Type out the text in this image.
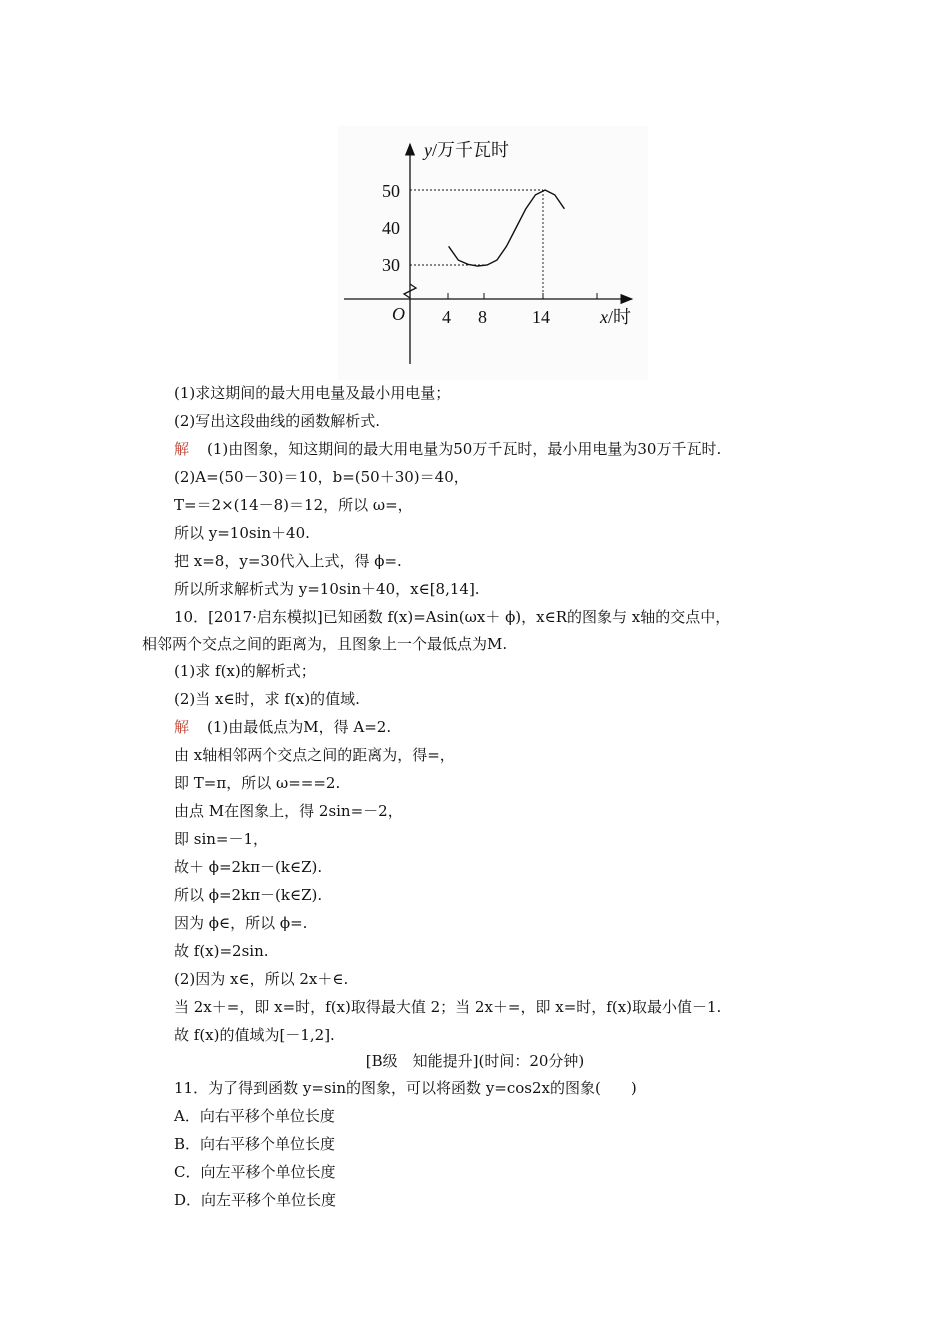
y/万千瓦时
50
40
30
O 4 8	14	x/时
(1)求这期间的最大用电量及最小用电量；
(2)写出这段曲线的函数解析式.
解 (1)由图象，知这期间的最大用电量为50万千瓦时，最小用电量为30万千瓦时.
(2)A=(50－30)＝10，b=(50＋30)＝40，
T=＝2×(14－8)＝12，所以 ω=，
所以 y=10sin＋40.
把 x=8，y=30代入上式，得 ϕ=.
所以所求解析式为 y=10sin＋40，x∈[8,14].
10．[2017·启东模拟]已知函数 f(x)=Asin(ωx＋ ϕ)，x∈R的图象与 x轴的交点中，
相邻两个交点之间的距离为，且图象上一个最低点为M.
(1)求 f(x)的解析式；
(2)当 x∈时，求 f(x)的值域.
解 (1)由最低点为M，得 A=2.
由 x轴相邻两个交点之间的距离为，得=，
即 T=π，所以 ω===2.
由点 M在图象上，得 2sin=－2，
即 sin=－1，
故＋ ϕ=2kπ－(k∈Z).
所以 ϕ=2kπ－(k∈Z).
因为 ϕ∈，所以 ϕ=.
故 f(x)=2sin.
(2)因为 x∈，所以 2x＋∈.
当 2x＋=，即 x=时，f(x)取得最大值 2；当 2x＋=，即 x=时，f(x)取最小值－1.
故 f(x)的值域为[－1,2].
[B级　知能提升](时间：20分钟)
11．为了得到函数 y=sin的图象，可以将函数 y=cos2x的图象(　　)
A．向右平移个单位长度
B．向右平移个单位长度
C．向左平移个单位长度
D．向左平移个单位长度
